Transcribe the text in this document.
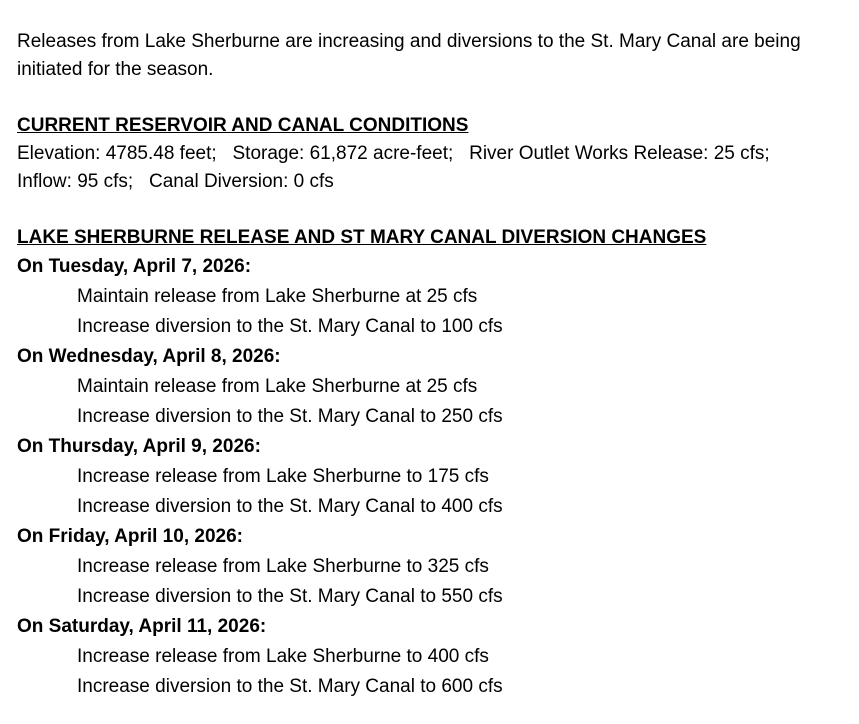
Releases from Lake Sherburne are increasing and diversions to the St. Mary Canal are being initiated for the season.

CURRENT RESERVOIR AND CANAL CONDITIONS

Elevation: 4785.48 feet; Storage: 61,872 acre-feet; River Outlet Works Release: 25 cfs;   Inflow: 95 cfs; Canal Diversion: 0 cfs

LAKE SHERBURNE RELEASE AND ST MARY CANAL DIVERSION CHANGES

On Tuesday, April 7, 2026:

Maintain release from Lake Sherburne at 25 cfs

Increase diversion to the St. Mary Canal to 100 cfs

On Wednesday, April 8, 2026:

Maintain release from Lake Sherburne at 25 cfs

Increase diversion to the St. Mary Canal to 250 cfs

On Thursday, April 9, 2026:

Increase release from Lake Sherburne to 175 cfs

Increase diversion to the St. Mary Canal to 400 cfs

On Friday, April 10, 2026:

Increase release from Lake Sherburne to 325 cfs

Increase diversion to the St. Mary Canal to 550 cfs

On Saturday, April 11, 2026:

Increase release from Lake Sherburne to 400 cfs

Increase diversion to the St. Mary Canal to 600 cfs
